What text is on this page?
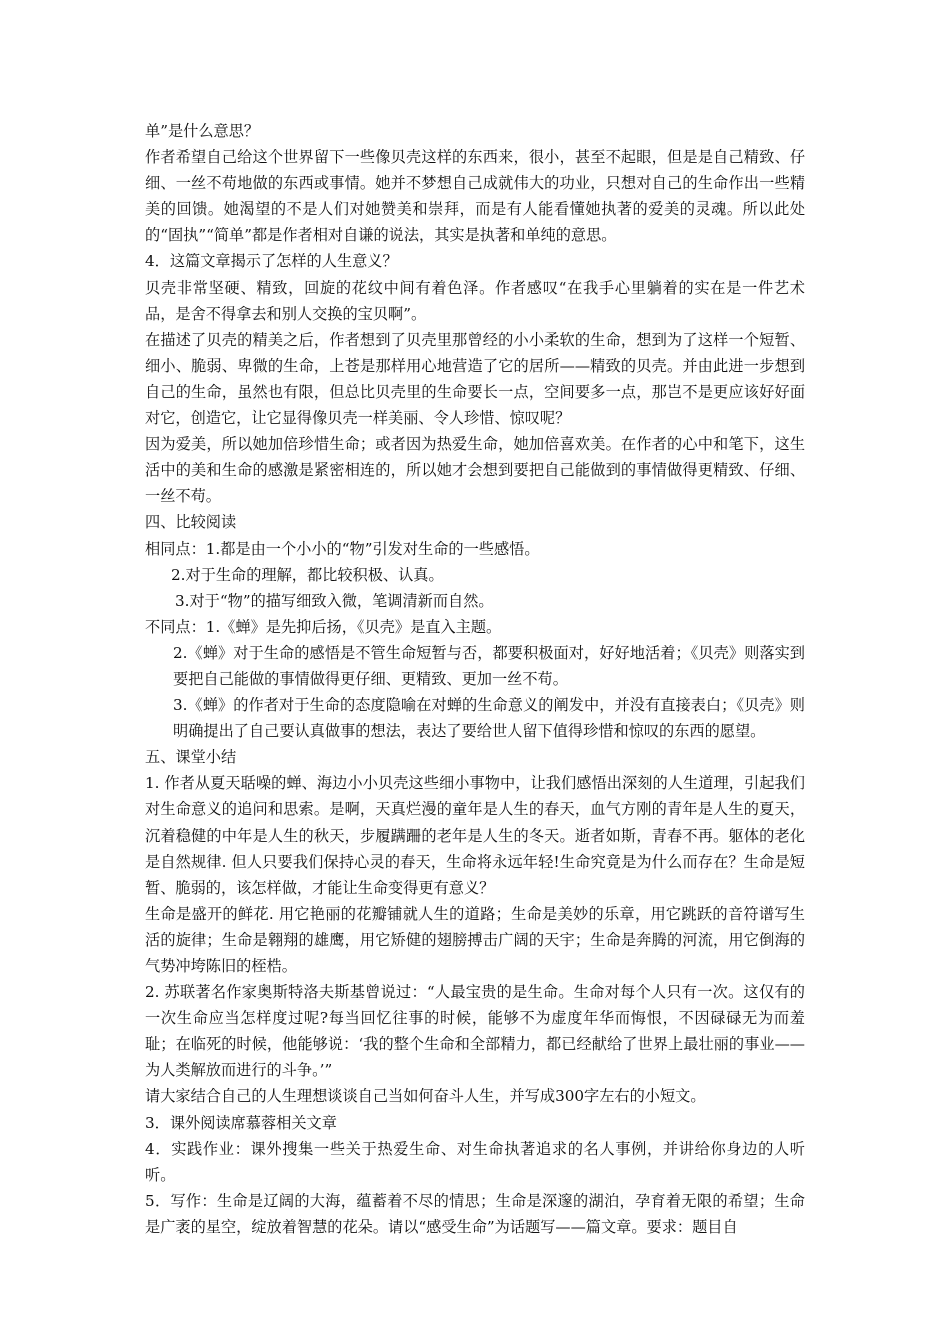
单”是什么意思？

作者希望自己给这个世界留下一些像贝壳这样的东西来，很小，甚至不起眼，但是是自己精致、仔细、一丝不苟地做的东西或事情。她并不梦想自己成就伟大的功业，只想对自己的生命作出一些精美的回馈。她渴望的不是人们对她赞美和崇拜，而是有人能看懂她执著的爱美的灵魂。所以此处的“固执”“简单”都是作者相对自谦的说法，其实是执著和单纯的意思。

4．这篇文章揭示了怎样的人生意义？

贝壳非常坚硬、精致，回旋的花纹中间有着色泽。作者感叹“在我手心里躺着的实在是一件艺术品，是舍不得拿去和别人交换的宝贝啊”。

在描述了贝壳的精美之后，作者想到了贝壳里那曾经的小小柔软的生命，想到为了这样一个短暂、细小、脆弱、卑微的生命，上苍是那样用心地营造了它的居所——精致的贝壳。并由此进一步想到自己的生命，虽然也有限，但总比贝壳里的生命要长一点，空间要多一点，那岂不是更应该好好面对它，创造它，让它显得像贝壳一样美丽、令人珍惜、惊叹呢？

因为爱美，所以她加倍珍惜生命；或者因为热爱生命，她加倍喜欢美。在作者的心中和笔下，这生活中的美和生命的感激是紧密相连的，所以她才会想到要把自己能做到的事情做得更精致、仔细、一丝不苟。

四、比较阅读

相同点：1.都是由一个小小的“物”引发对生命的一些感悟。

2.对于生命的理解，都比较积极、认真。

3.对于“物”的描写细致入微，笔调清新而自然。

不同点：1.《蝉》是先抑后扬，《贝壳》是直入主题。

2.《蝉》对于生命的感悟是不管生命短暂与否，都要积极面对，好好地活着；《贝壳》则落实到要把自己能做的事情做得更仔细、更精致、更加一丝不苟。

3.《蝉》的作者对于生命的态度隐喻在对蝉的生命意义的阐发中，并没有直接表白；《贝壳》则明确提出了自己要认真做事的想法，表达了要给世人留下值得珍惜和惊叹的东西的愿望。

五、课堂小结

1. 作者从夏天聒噪的蝉、海边小小贝壳这些细小事物中，让我们感悟出深刻的人生道理，引起我们对生命意义的追问和思索。是啊，天真烂漫的童年是人生的春天，血气方刚的青年是人生的夏天，沉着稳健的中年是人生的秋天，步履蹒跚的老年是人生的冬天。逝者如斯，青春不再。躯体的老化是自然规律. 但人只要我们保持心灵的春天，生命将永远年轻!生命究竟是为什么而存在？生命是短暂、脆弱的，该怎样做，才能让生命变得更有意义？

生命是盛开的鲜花. 用它艳丽的花瓣铺就人生的道路；生命是美妙的乐章，用它跳跃的音符谱写生活的旋律；生命是翱翔的雄鹰，用它矫健的翅膀搏击广阔的天宇；生命是奔腾的河流，用它倒海的气势冲垮陈旧的桎梏。

2. 苏联著名作家奥斯特洛夫斯基曾说过：“人最宝贵的是生命。生命对每个人只有一次。这仅有的一次生命应当怎样度过呢?每当回忆往事的时候，能够不为虚度年华而悔恨，不因碌碌无为而羞耻；在临死的时候，他能够说：‘我的整个生命和全部精力，都已经献给了世界上最壮丽的事业——为人类解放而进行的斗争。’”

请大家结合自己的人生理想谈谈自己当如何奋斗人生，并写成300字左右的小短文。

3．课外阅读席慕蓉相关文章

4．实践作业：课外搜集一些关于热爱生命、对生命执著追求的名人事例，并讲给你身边的人听听。

5．写作：生命是辽阔的大海，蕴蓄着不尽的情思；生命是深邃的湖泊，孕育着无限的希望；生命是广袤的星空，绽放着智慧的花朵。请以“感受生命”为话题写——篇文章。要求：题目自
